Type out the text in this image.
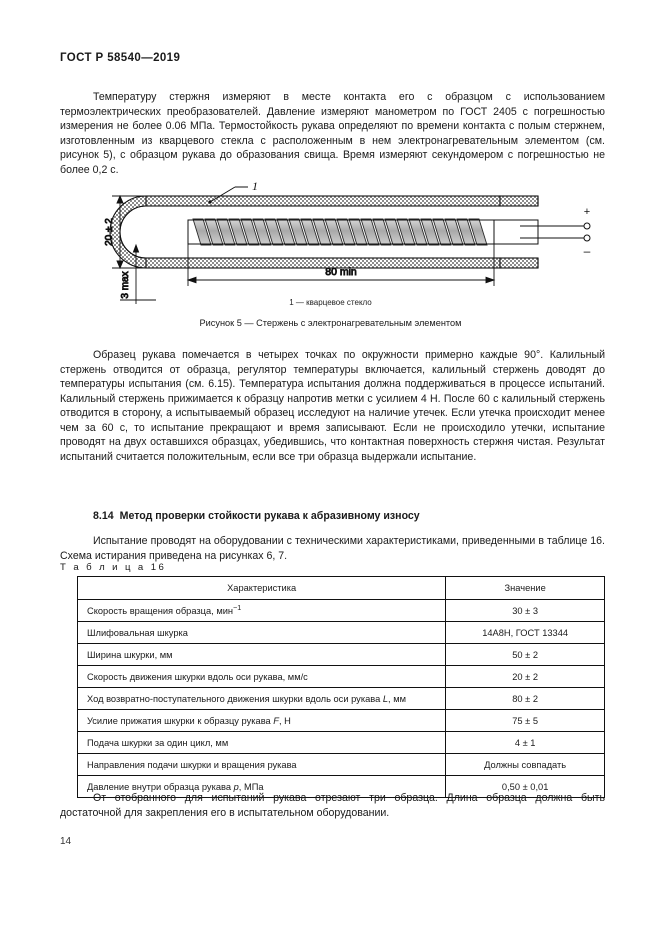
ГОСТ Р 58540—2019

Температуру стержня измеряют в месте контакта его с образцом с использованием термоэлектрических преобразователей. Давление измеряют манометром по ГОСТ 2405 с погрешностью измерения не более 0.06 МПа. Термостойкость рукава определяют по времени контакта с полым стержнем, изготовленным из кварцевого стекла с расположенным в нем электронагревательным элементом (см. рисунок 5), с образцом рукава до образования свища. Время измеряют секундомером с погрешностью не более 0,2 с.

+
–
1
20 ± 2
3 max	80 min
1 — кварцевое стекло
Рисунок 5 — Стержень с электронагревательным элементом

Образец рукава помечается в четырех точках по окружности примерно каждые 90°. Калильный стержень отводится от образца, регулятор температуры включается, калильный стержень доводят до температуры испытания (см. 6.15). Температура испытания должна поддерживаться в процессе испытаний. Калильный стержень прижимается к образцу напротив метки с усилием 4 Н. После 60 с калильный стержень отводится в сторону, а испытываемый образец исследуют на наличие утечек. Если утечка происходит менее чем за 60 с, то испытание прекращают и время записывают. Если не происходило утечки, испытание проводят на двух оставшихся образцах, убедившись, что контактная поверхность стержня чистая. Результат испытаний считается положительным, если все три образца выдержали испытание.

8.14 Метод проверки стойкости рукава к абразивному износу

Испытание проводят на оборудовании с техническими характеристиками, приведенными в таблице 16. Схема истирания приведена на рисунках 6, 7.

Т а б л и ц а 16
Характеристика	Значение
Скорость вращения образца, мин$^{-1}$	30 ± 3
Шлифовальная шкурка	14А8Н, ГОСТ 13344
Ширина шкурки, мм	50 ± 2
Скорость движения шкурки вдоль оси рукава, мм/с	20 ± 2
Ход возвратно-поступательного движения шкурки вдоль оси рукава L, мм	80 ± 2
Усилие прижатия шкурки к образцу рукава F, Н	75 ± 5
Подача шкурки за один цикл, мм	4 ± 1
Направления подачи шкурки и вращения рукава	Должны совпадать
Давление внутри образца рукава p, МПа	0,50 ± 0,01

От отобранного для испытаний рукава отрезают три образца. Длина образца должна быть достаточной для закрепления его в испытательном оборудовании.

14
